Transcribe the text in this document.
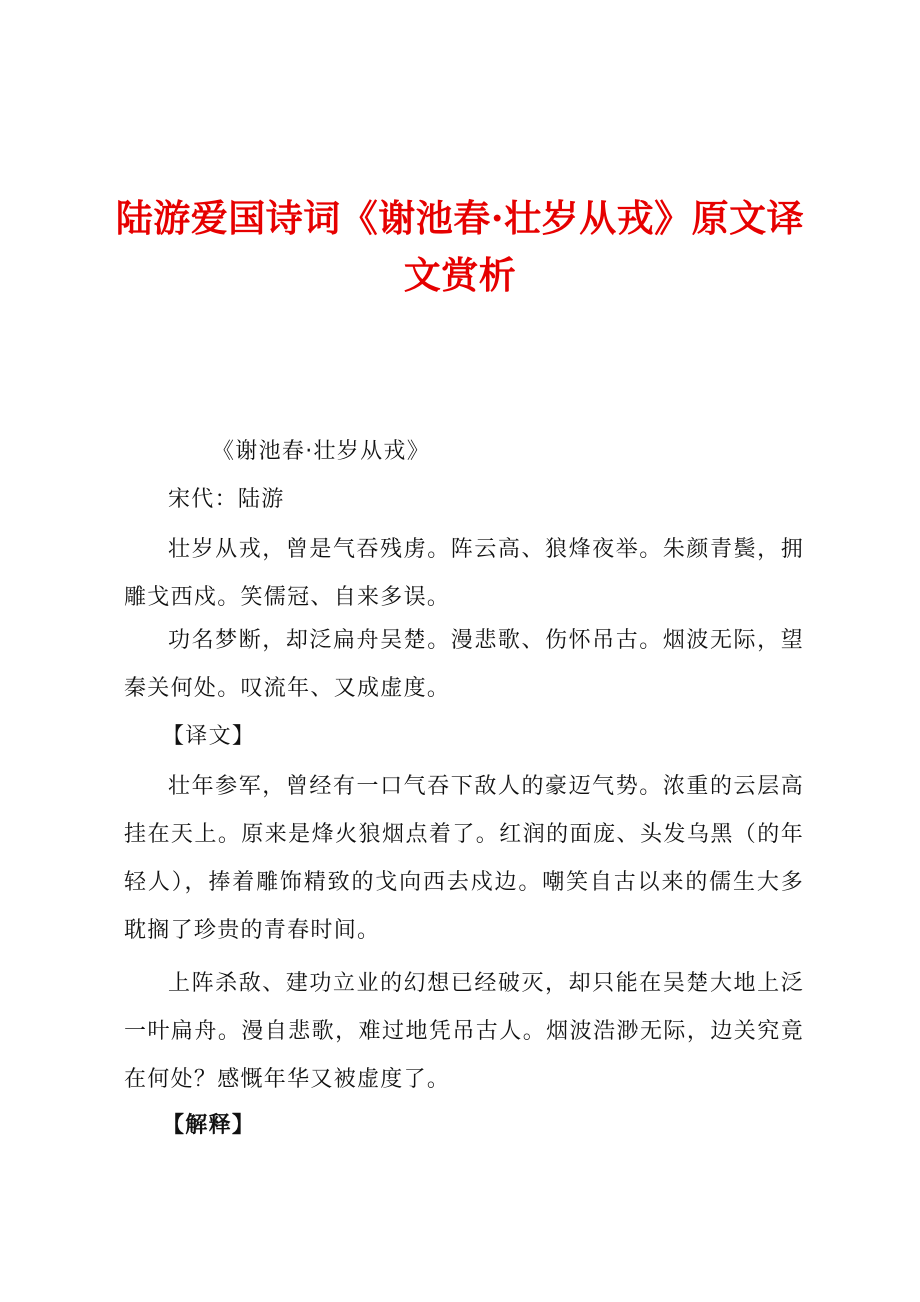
陆游爱国诗词《谢池春·壮岁从戎》原文译文赏析
《谢池春·壮岁从戎》
宋代：陆游
壮岁从戎，曾是气吞残虏。阵云高、狼烽夜举。朱颜青鬓，拥雕戈西戍。笑儒冠、自来多误。
功名梦断，却泛扁舟吴楚。漫悲歌、伤怀吊古。烟波无际，望秦关何处。叹流年、又成虚度。
【译文】
壮年参军，曾经有一口气吞下敌人的豪迈气势。浓重的云层高挂在天上。原来是烽火狼烟点着了。红润的面庞、头发乌黑（的年轻人），捧着雕饰精致的戈向西去戍边。嘲笑自古以来的儒生大多耽搁了珍贵的青春时间。
上阵杀敌、建功立业的幻想已经破灭，却只能在吴楚大地上泛一叶扁舟。漫自悲歌，难过地凭吊古人。烟波浩渺无际，边关究竟在何处？感慨年华又被虚度了。
【解释】
